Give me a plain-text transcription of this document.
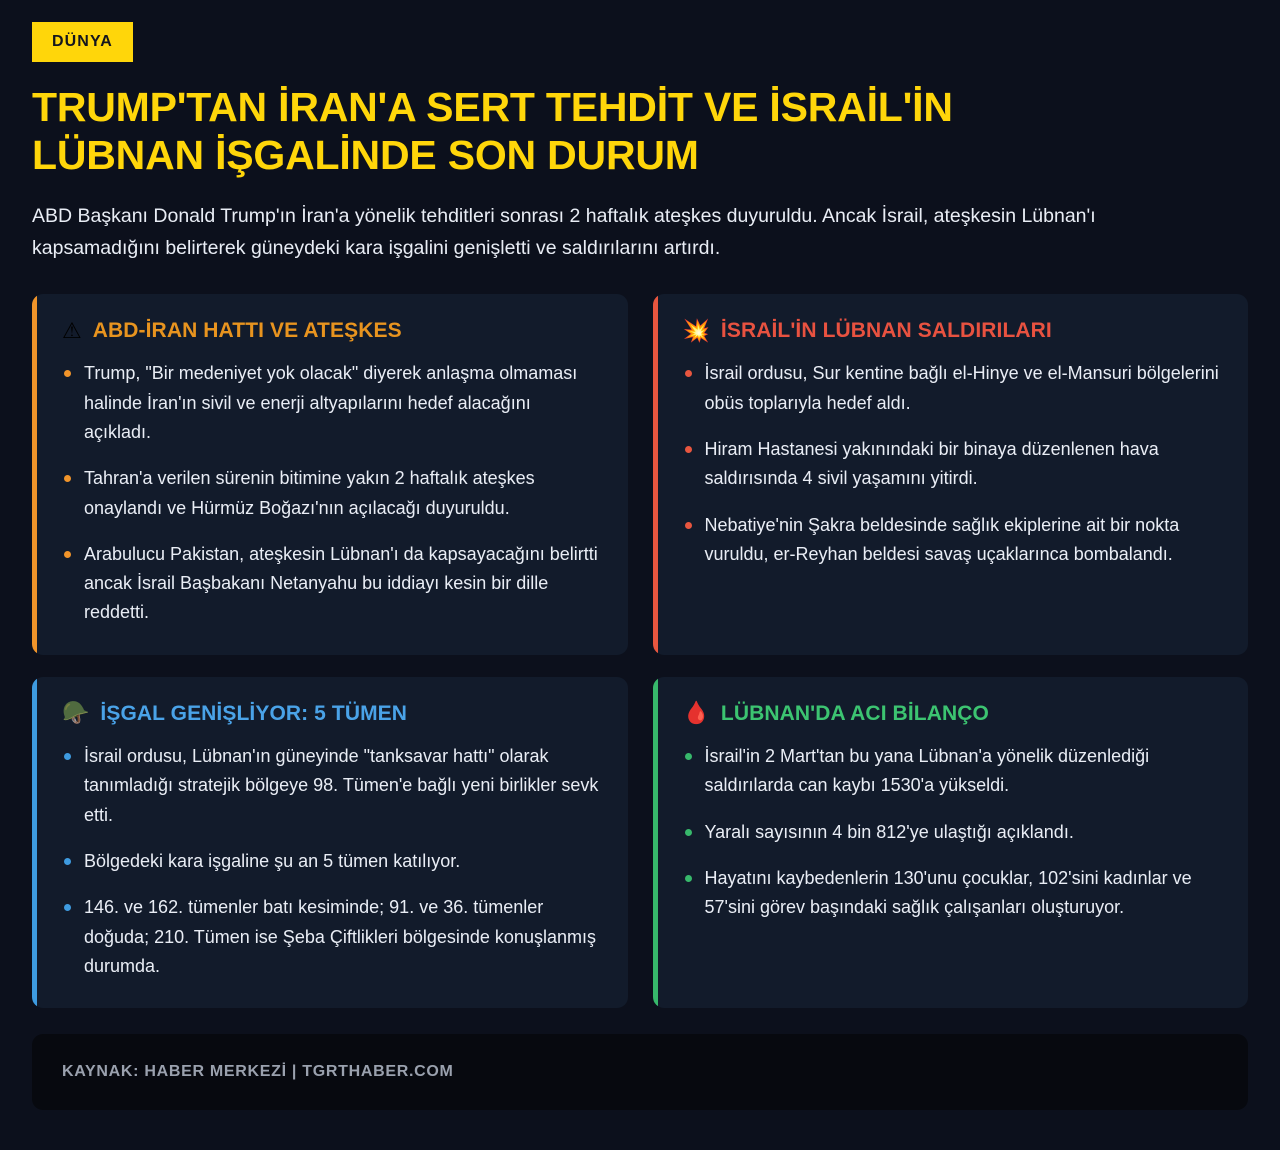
DÜNYA
TRUMP'TAN İRAN'A SERT TEHDİT VE İSRAİL'İN LÜBNAN İŞGALİNDE SON DURUM

ABD Başkanı Donald Trump'ın İran'a yönelik tehditleri sonrası 2 haftalık ateşkes duyuruldu. Ancak İsrail, ateşkesin Lübnan'ı kapsamadığını belirterek güneydeki kara işgalini genişletti ve saldırılarını artırdı.

⚠ ABD-İRAN HATTI VE ATEŞKES
Trump, "Bir medeniyet yok olacak" diyerek anlaşma olmaması halinde İran'ın sivil ve enerji altyapılarını hedef alacağını açıkladı.
Tahran'a verilen sürenin bitimine yakın 2 haftalık ateşkes onaylandı ve Hürmüz Boğazı'nın açılacağı duyuruldu.
Arabulucu Pakistan, ateşkesin Lübnan'ı da kapsayacağını belirtti ancak İsrail Başbakanı Netanyahu bu iddiayı kesin bir dille reddetti.
💥 İSRAİL'İN LÜBNAN SALDIRILARI
İsrail ordusu, Sur kentine bağlı el-Hinye ve el-Mansuri bölgelerini obüs toplarıyla hedef aldı.
Hiram Hastanesi yakınındaki bir binaya düzenlenen hava saldırısında 4 sivil yaşamını yitirdi.
Nebatiye'nin Şakra beldesinde sağlık ekiplerine ait bir nokta vuruldu, er-Reyhan beldesi savaş uçaklarınca bombalandı.
🪖 İŞGAL GENİŞLİYOR: 5 TÜMEN
İsrail ordusu, Lübnan'ın güneyinde "tanksavar hattı" olarak tanımladığı stratejik bölgeye 98. Tümen'e bağlı yeni birlikler sevk etti.
Bölgedeki kara işgaline şu an 5 tümen katılıyor.
146. ve 162. tümenler batı kesiminde; 91. ve 36. tümenler doğuda; 210. Tümen ise Şeba Çiftlikleri bölgesinde konuşlanmış durumda.
🩸 LÜBNAN'DA ACI BİLANÇO
İsrail'in 2 Mart'tan bu yana Lübnan'a yönelik düzenlediği saldırılarda can kaybı 1530'a yükseldi.
Yaralı sayısının 4 bin 812'ye ulaştığı açıklandı.
Hayatını kaybedenlerin 130'unu çocuklar, 102'sini kadınlar ve 57'sini görev başındaki sağlık çalışanları oluşturuyor.
KAYNAK: HABER MERKEZİ | TGRTHABER.COM
